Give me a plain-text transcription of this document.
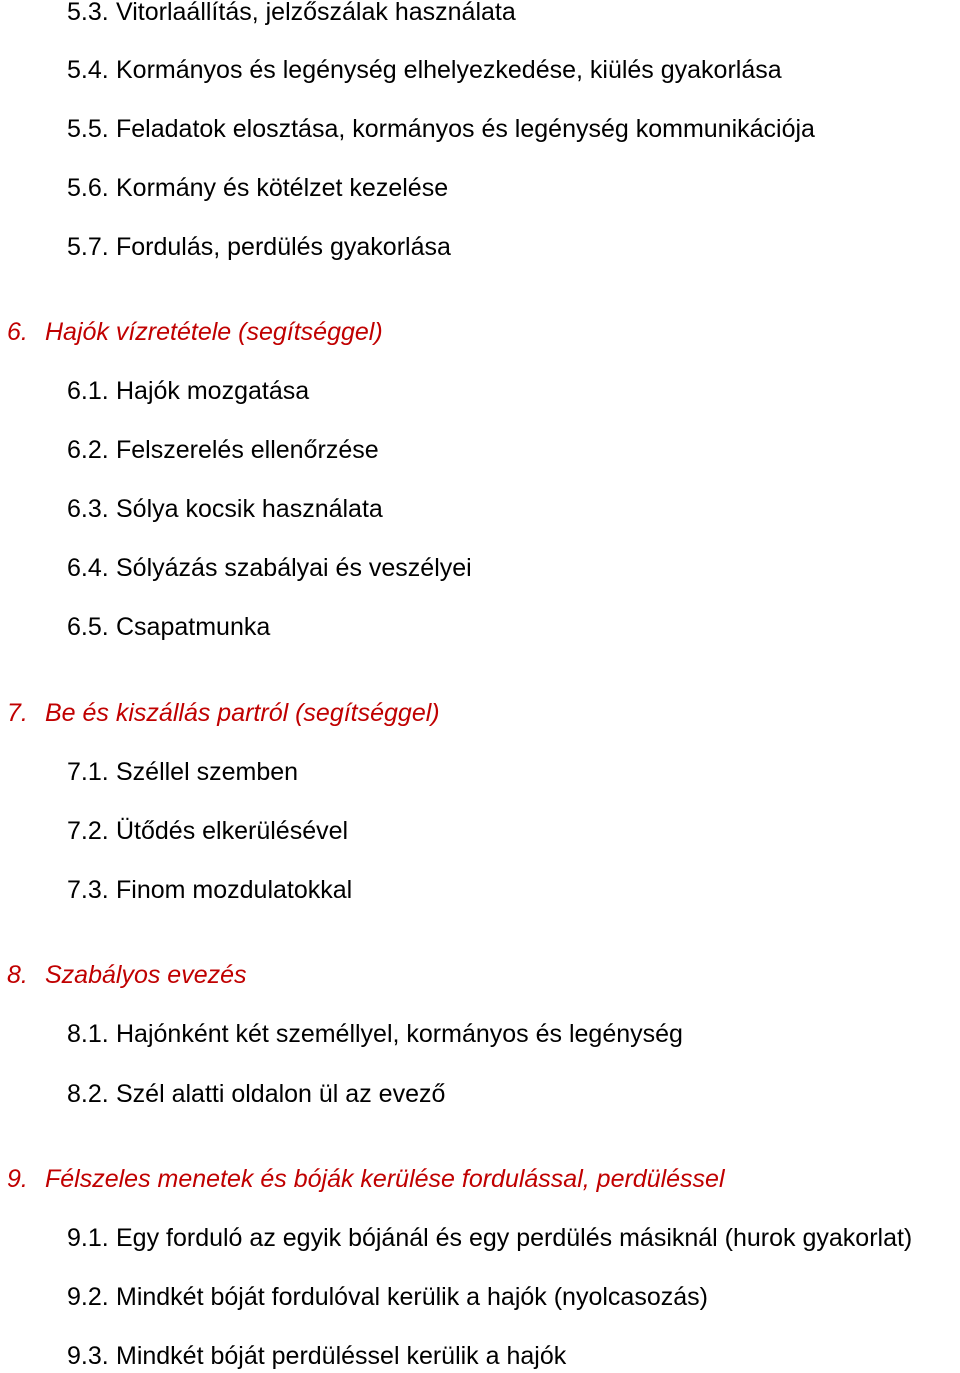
5.3. Vitorlaállítás, jelzőszálak használata
5.4. Kormányos és legénység elhelyezkedése, kiülés gyakorlása
5.5. Feladatok elosztása, kormányos és legénység kommunikációja
5.6. Kormány és kötélzet kezelése
5.7. Fordulás, perdülés gyakorlása
6. Hajók vízretétele (segítséggel)
6.1. Hajók mozgatása
6.2. Felszerelés ellenőrzése
6.3. Sólya kocsik használata
6.4. Sólyázás szabályai és veszélyei
6.5. Csapatmunka
7. Be és kiszállás partról (segítséggel)
7.1. Széllel szemben
7.2. Ütődés elkerülésével
7.3. Finom mozdulatokkal
8. Szabályos evezés
8.1. Hajónként két személlyel, kormányos és legénység
8.2. Szél alatti oldalon ül az evező
9. Félszeles menetek és bóják kerülése fordulással, perdüléssel
9.1. Egy forduló az egyik bójánál és egy perdülés másiknál (hurok gyakorlat)
9.2. Mindkét bóját fordulóval kerülik a hajók (nyolcasozás)
9.3. Mindkét bóját perdüléssel kerülik a hajók
